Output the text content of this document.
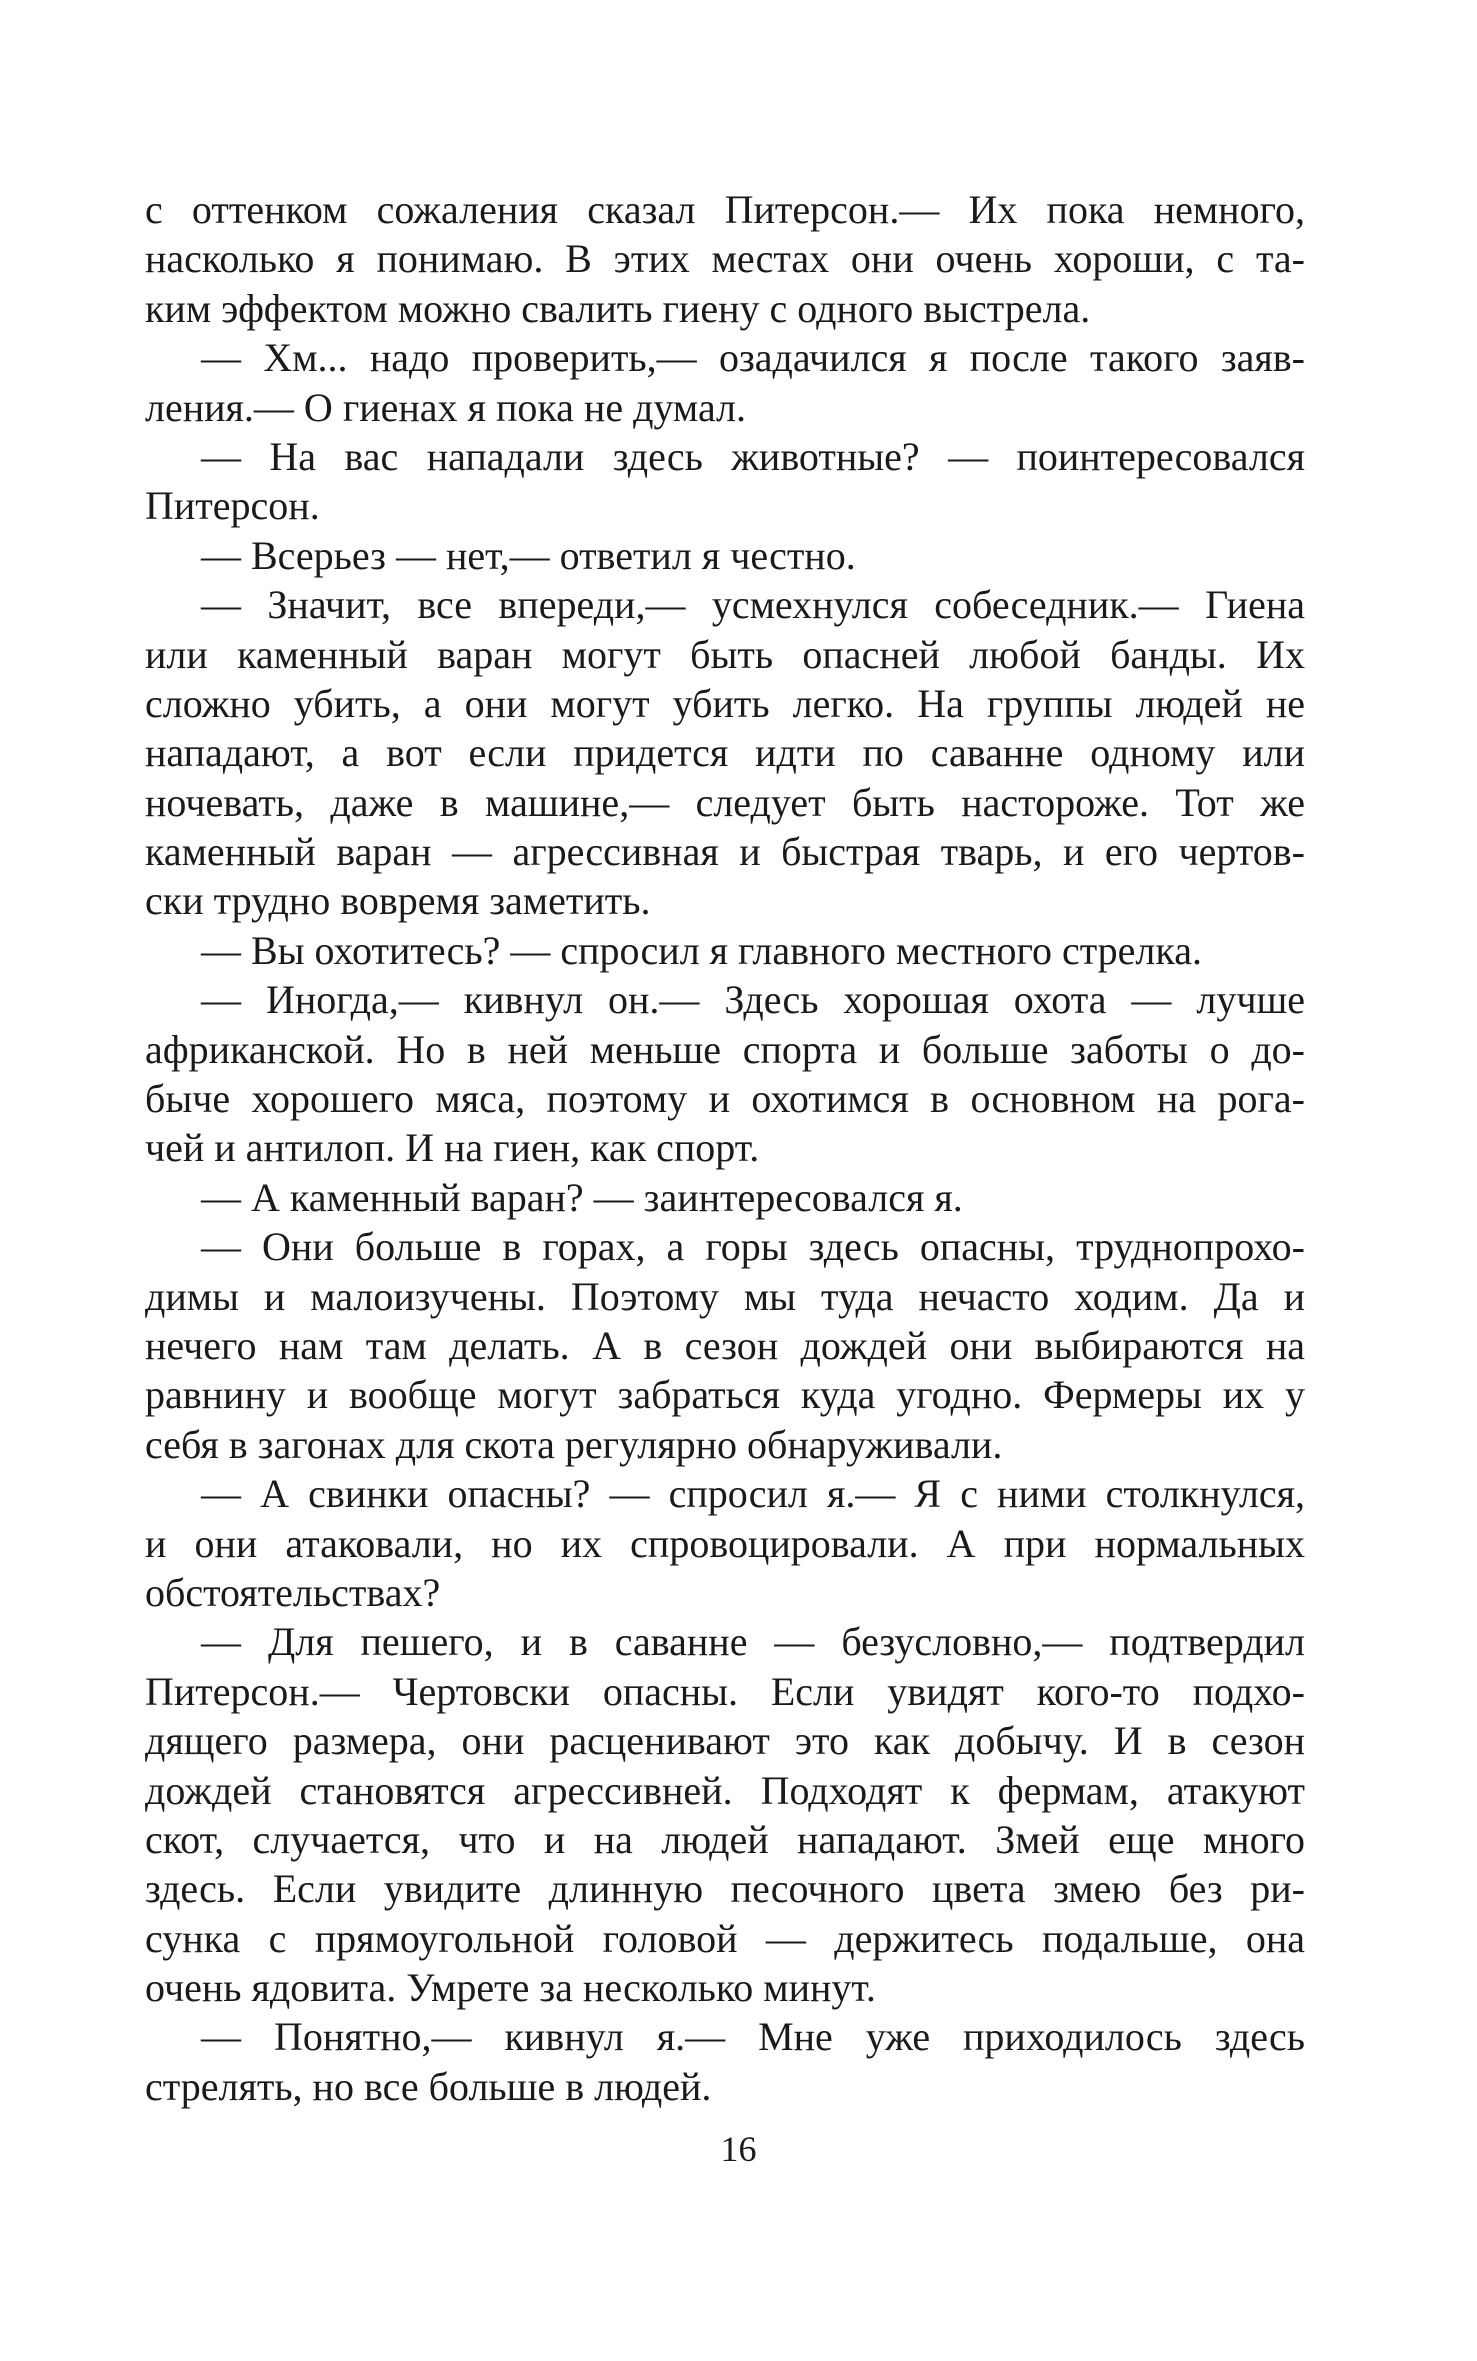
с оттенком сожаления сказал Питерсон.— Их пока немного,
насколько я понимаю. В этих местах они очень хороши, с та-
ким эффектом можно свалить гиену с одного выстрела.
— Хм... надо проверить,— озадачился я после такого заяв-
ления.— О гиенах я пока не думал.
— На вас нападали здесь животные? — поинтересовался
Питерсон.
— Всерьез — нет,— ответил я честно.
— Значит, все впереди,— усмехнулся собеседник.— Гиена
или каменный варан могут быть опасней любой банды. Их
сложно убить, а они могут убить легко. На группы людей не
нападают, а вот если придется идти по саванне одному или
ночевать, даже в машине,— следует быть настороже. Тот же
каменный варан — агрессивная и быстрая тварь, и его чертов-
ски трудно вовремя заметить.
— Вы охотитесь? — спросил я главного местного стрелка.
— Иногда,— кивнул он.— Здесь хорошая охота — лучше
африканской. Но в ней меньше спорта и больше заботы о до-
быче хорошего мяса, поэтому и охотимся в основном на рога-
чей и антилоп. И на гиен, как спорт.
— А каменный варан? — заинтересовался я.
— Они больше в горах, а горы здесь опасны, труднопрохо-
димы и малоизучены. Поэтому мы туда нечасто ходим. Да и
нечего нам там делать. А в сезон дождей они выбираются на
равнину и вообще могут забраться куда угодно. Фермеры их у
себя в загонах для скота регулярно обнаруживали.
— А свинки опасны? — спросил я.— Я с ними столкнулся,
и они атаковали, но их спровоцировали. А при нормальных
обстоятельствах?
— Для пешего, и в саванне — безусловно,— подтвердил
Питерсон.— Чертовски опасны. Если увидят кого-то подхо-
дящего размера, они расценивают это как добычу. И в сезон
дождей становятся агрессивней. Подходят к фермам, атакуют
скот, случается, что и на людей нападают. Змей еще много
здесь. Если увидите длинную песочного цвета змею без ри-
сунка с прямоугольной головой — держитесь подальше, она
очень ядовита. Умрете за несколько минут.
— Понятно,— кивнул я.— Мне уже приходилось здесь
стрелять, но все больше в людей.
16
